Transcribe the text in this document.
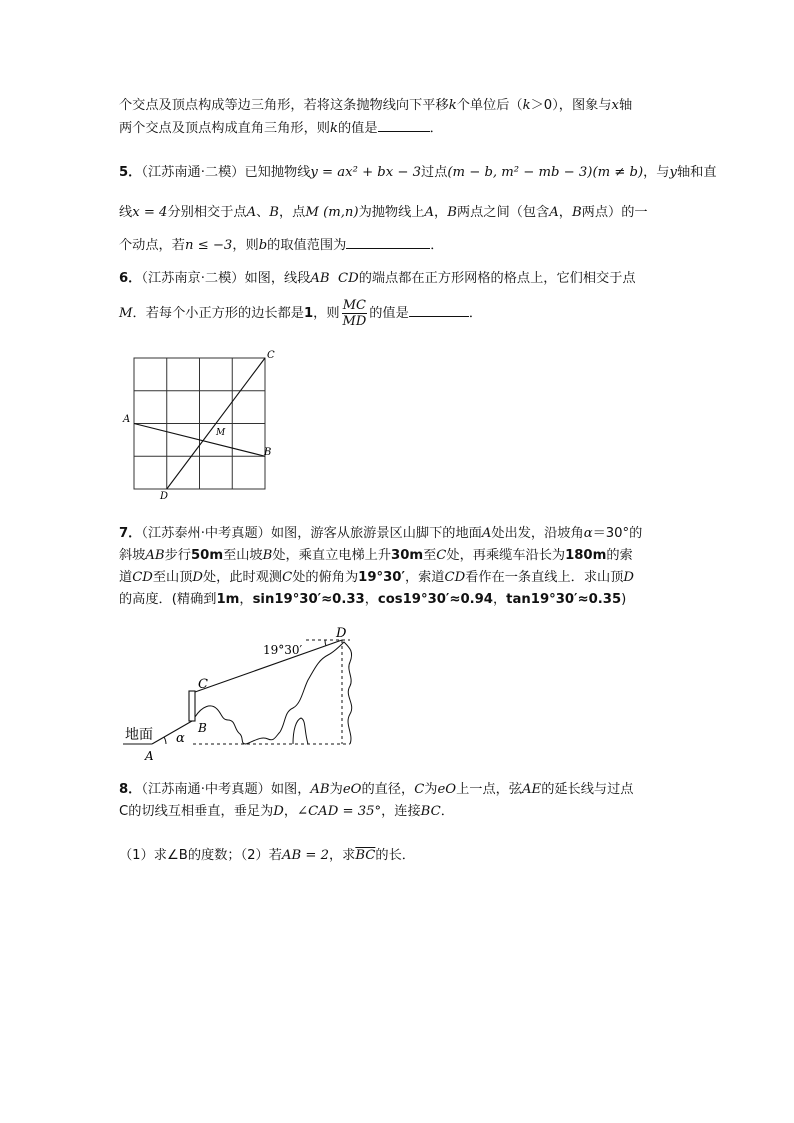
个交点及顶点构成等边三角形，若将这条抛物线向下平移k个单位后（k＞0），图象与x轴
两个交点及顶点构成直角三角形，则k的值是	．
5．（江苏南通·二模）已知抛物线y = ax² + bx − 3过点(m − b, m² − mb − 3)(m ≠ b)，与y轴和直
线x = 4分别相交于点A、B，点M (m,n)为抛物线上A，B两点之间（包含A，B两点）的一
个动点，若n ≤ −3，则b的取值范围为	．
6．（江苏南京·二模）如图，线段AB CD的端点都在正方形网格的格点上，它们相交于点
M．若每个小正方形的边长都是1，则 $\frac{MC}{MD}$ 的值是	．
A
B
C
D
M
7．（江苏泰州·中考真题）如图，游客从旅游景区山脚下的地面A处出发，沿坡角α＝30°的
斜坡AB步行50m至山坡B处，乘直立电梯上升30m至C处，再乘缆车沿长为180m的索
道CD至山顶D处，此时观测C处的俯角为19°30′，索道CD看作在一条直线上．求山顶D
的高度．(精确到1m，sin19°30′≈0.33，cos19°30′≈0.94，tan19°30′≈0.35)
19°30′
D
C
B
A
α
地面
8．（江苏南通·中考真题）如图，AB为eO的直径，C为eO上一点，弦AE的延长线与过点
C的切线互相垂直，垂足为D，∠CAD = 35°，连接BC．
（1）求∠B的度数；（2）若AB = 2，求$\overline{BC}$的长．
